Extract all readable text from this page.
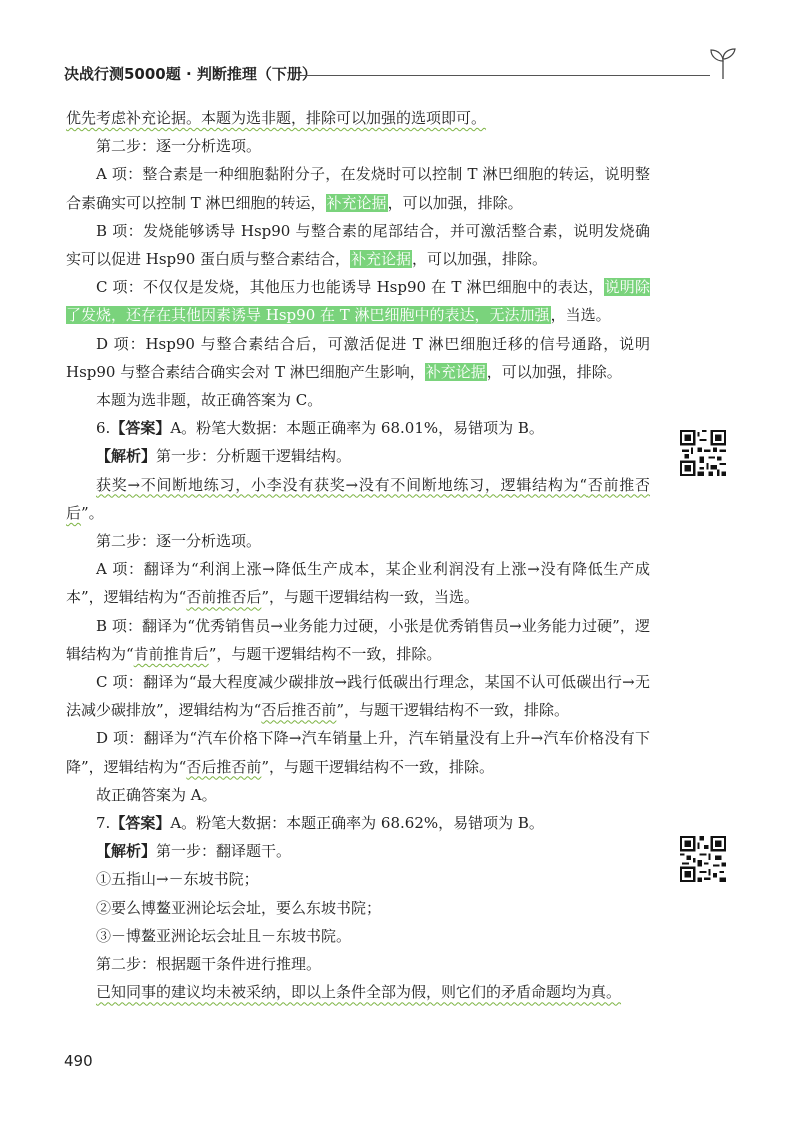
决战行测5000题 · 判断推理（下册）

优先考虑补充论据。本题为选非题，排除可以加强的选项即可。

第二步：逐一分析选项。

A 项：整合素是一种细胞黏附分子，在发烧时可以控制 T 淋巴细胞的转运，说明整合素确实可以控制 T 淋巴细胞的转运，补充论据，可以加强，排除。

B 项：发烧能够诱导 Hsp90 与整合素的尾部结合，并可激活整合素，说明发烧确实可以促进 Hsp90 蛋白质与整合素结合，补充论据，可以加强，排除。

C 项：不仅仅是发烧，其他压力也能诱导 Hsp90 在 T 淋巴细胞中的表达，说明除了发烧，还存在其他因素诱导 Hsp90 在 T 淋巴细胞中的表达，无法加强，当选。

D 项：Hsp90 与整合素结合后，可激活促进 T 淋巴细胞迁移的信号通路，说明 Hsp90 与整合素结合确实会对 T 淋巴细胞产生影响，补充论据，可以加强，排除。

本题为选非题，故正确答案为 C。

6.【答案】A。粉笔大数据：本题正确率为 68.01%，易错项为 B。

【解析】第一步：分析题干逻辑结构。

获奖→不间断地练习，小李没有获奖→没有不间断地练习，逻辑结构为“否前推否后”。

第二步：逐一分析选项。

A 项：翻译为“利润上涨→降低生产成本，某企业利润没有上涨→没有降低生产成本”，逻辑结构为“否前推否后”，与题干逻辑结构一致，当选。

B 项：翻译为“优秀销售员→业务能力过硬，小张是优秀销售员→业务能力过硬”，逻辑结构为“肯前推肯后”，与题干逻辑结构不一致，排除。

C 项：翻译为“最大程度减少碳排放→践行低碳出行理念，某国不认可低碳出行→无法减少碳排放”，逻辑结构为“否后推否前”，与题干逻辑结构不一致，排除。

D 项：翻译为“汽车价格下降→汽车销量上升，汽车销量没有上升→汽车价格没有下降”，逻辑结构为“否后推否前”，与题干逻辑结构不一致，排除。

故正确答案为 A。

7.【答案】A。粉笔大数据：本题正确率为 68.62%，易错项为 B。

【解析】第一步：翻译题干。

①五指山→－东坡书院；

②要么博鳌亚洲论坛会址，要么东坡书院；

③－博鳌亚洲论坛会址且－东坡书院。

第二步：根据题干条件进行推理。

已知同事的建议均未被采纳，即以上条件全部为假，则它们的矛盾命题均为真。

490
